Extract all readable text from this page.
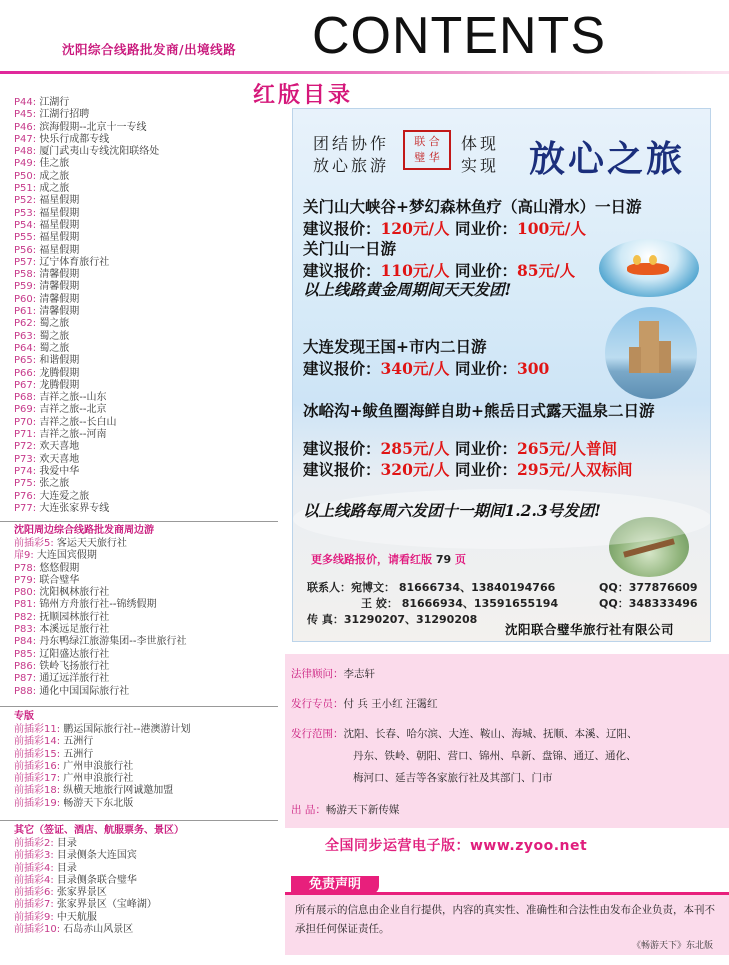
沈阳综合线路批发商/出境线路 CONTENTS
红版目录
P44: 江湖行
P45: 江湖行招聘
P46: 滨海假期--北京十一专线
P47: 快乐行成都专线
P48: 厦门武夷山专线沈阳联络处
P49: 佳之旅
P50: 成之旅
P51: 成之旅
P52: 福星假期
P53: 福星假期
P54: 福星假期
P55: 福星假期
P56: 福星假期
P57: 辽宁体育旅行社
P58: 清馨假期
P59: 清馨假期
P60: 清馨假期
P61: 清馨假期
P62: 蜀之旅
P63: 蜀之旅
P64: 蜀之旅
P65: 和谐假期
P66: 龙腾假期
P67: 龙腾假期
P68: 吉祥之旅--山东
P69: 吉祥之旅--北京
P70: 吉祥之旅--长白山
P71: 吉祥之旅--河南
P72: 欢天喜地
P73: 欢天喜地
P74: 我爱中华
P75: 张之旅
P76: 大连爱之旅
P77: 大连张家界专线
沈阳周边综合线路批发商周边游
前插彩5: 客运天天旅行社
扉9: 大连国宾假期
P78: 悠悠假期
P79: 联合璧华
P80: 沈阳枫林旅行社
P81: 锦州方舟旅行社--锦绣假期
P82: 抚顺园林旅行社
P83: 本溪远足旅行社
P84: 丹东鸭绿江旅游集团--李世旅行社
P85: 辽阳盛达旅行社
P86: 铁岭飞扬旅行社
P87: 通辽远洋旅行社
P88: 通化中国国际旅行社
专版
前插彩11: 鹏运国际旅行社--港澳游计划
前插彩14: 五洲行
前插彩15: 五洲行
前插彩16: 广州申浪旅行社
前插彩17: 广州申浪旅行社
前插彩18: 纵横天地旅行网诚邀加盟
前插彩19: 畅游天下东北版
其它（签证、酒店、航服票务、景区）
前插彩2: 目录
前插彩3: 目录侧条大连国宾
前插彩4: 目录
前插彩4: 目录侧条联合璧华
前插彩6: 张家界景区
前插彩7: 张家界景区（宝峰湖）
前插彩9: 中天航服
前插彩10: 石岛赤山风景区
团结协作
放心旅游
联 合
璧 华
体现
实现 放心之旅
关门山大峡谷+梦幻森林鱼疗（高山滑水）一日游
建议报价：120元/人 同业价：100元/人
关门山一日游
建议报价：110元/人 同业价：85元/人
以上线路黄金周期间天天发团!
大连发现王国+市内二日游
建议报价：340元/人 同业价：300
冰峪沟+鲅鱼圈海鲜自助+熊岳日式露天温泉二日游
建议报价：285元/人 同业价：265元/人普间
建议报价：320元/人 同业价：295元/人双标间
以上线路每周六发团十一期间1.2.3号发团!
更多线路报价，请看红版 79 页
联系人：宛博文： 81666734、13840194766	QQ：377876609
王 姣： 81666934、13591655194	QQ：348333496
传 真：31290207、31290208
沈阳联合璧华旅行社有限公司
法律顾问：李志轩
发行专员：付 兵 王小红 汪霭红
发行范围：沈阳、长春、哈尔滨、大连、鞍山、海城、抚顺、本溪、辽阳、
丹东、铁岭、朝阳、营口、锦州、阜新、盘锦、通辽、通化、
梅河口、延吉等各家旅行社及其部门、门市
出 品：畅游天下新传媒
全国同步运营电子版：www.zyoo.net
免责声明
所有展示的信息由企业自行提供，内容的真实性、准确性和合法性由发布企业负责，本刊不承担任何保证责任。
《畅游天下》东北版
